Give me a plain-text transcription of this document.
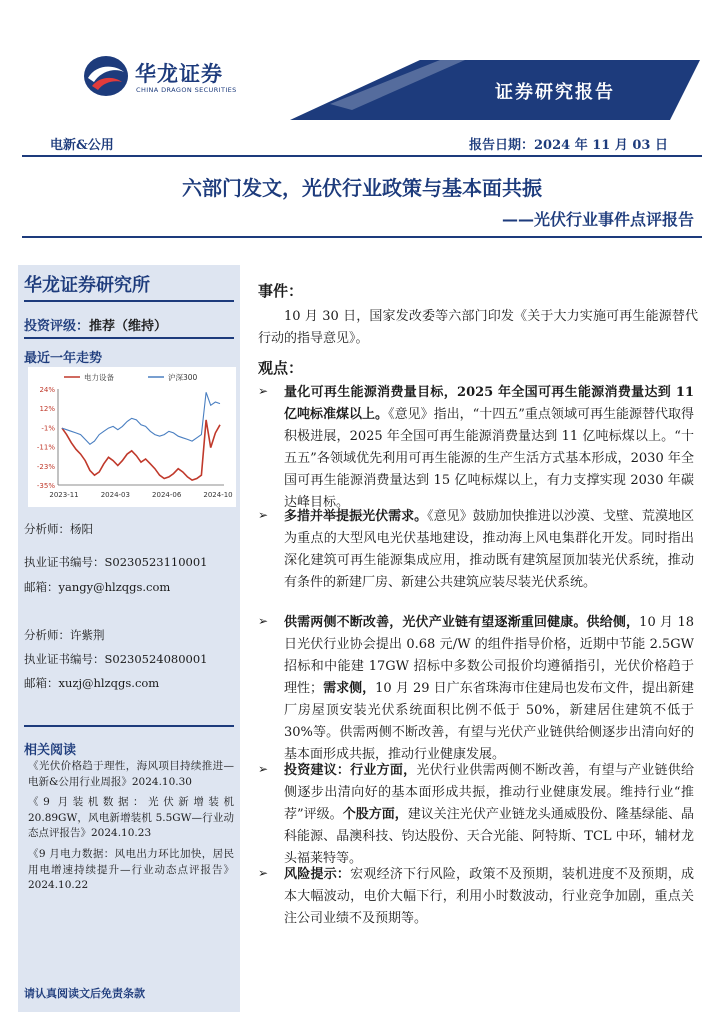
华龙证券
CHINA DRAGON SECURITIES	证券研究报告
电新&公用	报告日期：2024 年 11 月 03 日
六部门发文，光伏行业政策与基本面共振
——光伏行业事件点评报告
华龙证券研究所
投资评级：推荐（维持）
最近一年走势
24%
12%
-1%
-11%
-23%
-35%
2023-11	2024-03	2024-06	2024-10
电力设备	沪深300
分析师：杨阳
执业证书编号：S0230523110001
邮箱：yangy@hlzqgs.com
分析师：许紫荆
执业证书编号：S0230524080001
邮箱：xuzj@hlzqgs.com
相关阅读
《光伏价格趋于理性，海风项目持续推进—电新&公用行业周报》2024.10.30
《9 月装机数据：光伏新增装机 20.89GW，风电新增装机 5.5GW—行业动态点评报告》2024.10.23
《9 月电力数据：风电出力环比加快，居民用电增速持续提升—行业动态点评报告》2024.10.22
请认真阅读文后免责条款
事件：
10 月 30 日，国家发改委等六部门印发《关于大力实施可再生能源替代行动的指导意见》。
观点：
➢ 量化可再生能源消费量目标，2025 年全国可再生能源消费量达到 11 亿吨标准煤以上。《意见》指出，“十四五”重点领域可再生能源替代取得积极进展，2025 年全国可再生能源消费量达到 11 亿吨标煤以上。“十五五”各领域优先利用可再生能源的生产生活方式基本形成，2030 年全国可再生能源消费量达到 15 亿吨标煤以上，有力支撑实现 2030 年碳达峰目标。
➢ 多措并举提振光伏需求。《意见》鼓励加快推进以沙漠、戈壁、荒漠地区为重点的大型风电光伏基地建设，推动海上风电集群化开发。同时指出深化建筑可再生能源集成应用，推动既有建筑屋顶加装光伏系统，推动有条件的新建厂房、新建公共建筑应装尽装光伏系统。
➢ 供需两侧不断改善，光伏产业链有望逐渐重回健康。供给侧，10 月 18 日光伏行业协会提出 0.68 元/W 的组件指导价格，近期中节能 2.5GW 招标和中能建 17GW 招标中多数公司报价均遵循指引，光伏价格趋于理性；需求侧，10 月 29 日广东省珠海市住建局也发布文件，提出新建厂房屋顶安装光伏系统面积比例不低于 50%，新建居住建筑不低于 30%等。供需两侧不断改善，有望与光伏产业链供给侧逐步出清向好的基本面形成共振，推动行业健康发展。
➢ 投资建议：行业方面，光伏行业供需两侧不断改善，有望与产业链供给侧逐步出清向好的基本面形成共振，推动行业健康发展。维持行业“推荐”评级。个股方面，建议关注光伏产业链龙头通威股份、隆基绿能、晶科能源、晶澳科技、钧达股份、天合光能、阿特斯、TCL 中环，辅材龙头福莱特等。
➢ 风险提示：宏观经济下行风险，政策不及预期，装机进度不及预期，成本大幅波动，电价大幅下行，利用小时数波动，行业竞争加剧，重点关注公司业绩不及预期等。
